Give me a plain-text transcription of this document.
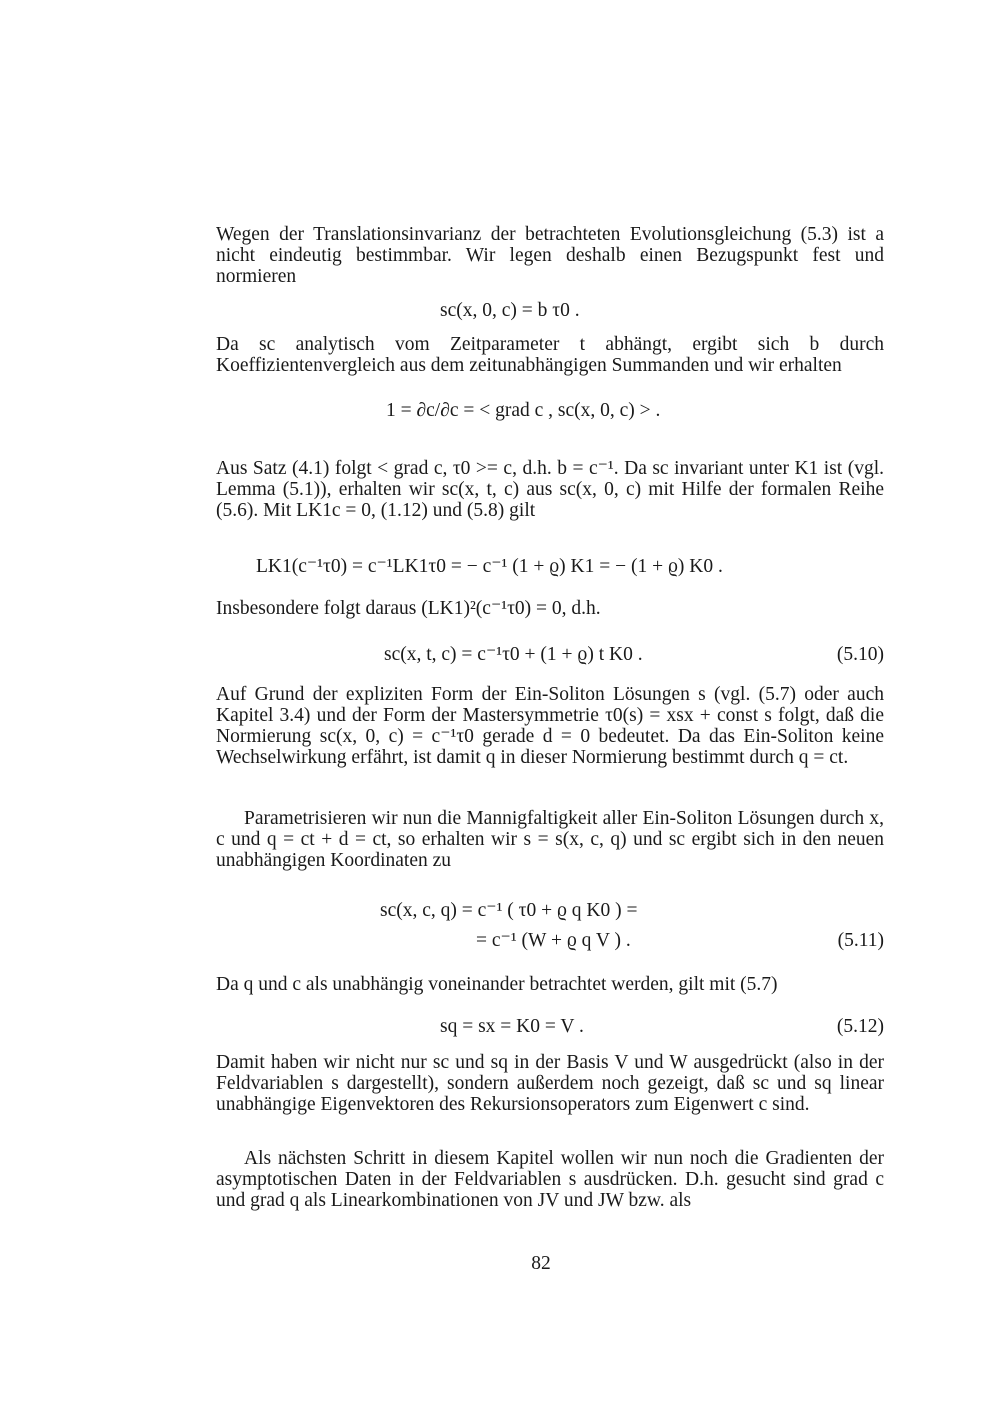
Wegen der Translationsinvarianz der betrachteten Evolutionsgleichung (5.3) ist a nicht eindeutig bestimmbar. Wir legen deshalb einen Bezugspunkt fest und normieren

sc(x, 0, c) = b τ0 .

Da sc analytisch vom Zeitparameter t abhängt, ergibt sich b durch Koeffizientenvergleich aus dem zeitunabhängigen Summanden und wir erhalten

1 = ∂c/∂c = < grad c , sc(x, 0, c) > .

Aus Satz (4.1) folgt < grad c, τ0 >= c, d.h. b = c⁻¹. Da sc invariant unter K1 ist (vgl. Lemma (5.1)), erhalten wir sc(x, t, c) aus sc(x, 0, c) mit Hilfe der formalen Reihe (5.6). Mit LK1c = 0, (1.12) und (5.8) gilt

LK1(c⁻¹τ0) = c⁻¹LK1τ0 = − c⁻¹ (1 + ϱ) K1 = − (1 + ϱ) K0 .

Insbesondere folgt daraus (LK1)²(c⁻¹τ0) = 0, d.h.

sc(x, t, c) = c⁻¹τ0 + (1 + ϱ) t K0 .	(5.10)

Auf Grund der expliziten Form der Ein-Soliton Lösungen s (vgl. (5.7) oder auch Kapitel 3.4) und der Form der Mastersymmetrie τ0(s) = xsx + const s folgt, daß die Normierung sc(x, 0, c) = c⁻¹τ0 gerade d = 0 bedeutet. Da das Ein-Soliton keine Wechselwirkung erfährt, ist damit q in dieser Normierung bestimmt durch q = ct.

Parametrisieren wir nun die Mannigfaltigkeit aller Ein-Soliton Lösungen durch x, c und q = ct + d = ct, so erhalten wir s = s(x, c, q) und sc ergibt sich in den neuen unabhängigen Koordinaten zu

sc(x, c, q) = c⁻¹ ( τ0 + ϱ q K0 ) =
= c⁻¹ (W + ϱ q V ) .	(5.11)

Da q und c als unabhängig voneinander betrachtet werden, gilt mit (5.7)

sq = sx = K0 = V .	(5.12)

Damit haben wir nicht nur sc und sq in der Basis V und W ausgedrückt (also in der Feldvariablen s dargestellt), sondern außerdem noch gezeigt, daß sc und sq linear unabhängige Eigenvektoren des Rekursionsoperators zum Eigenwert c sind.

Als nächsten Schritt in diesem Kapitel wollen wir nun noch die Gradienten der asymptotischen Daten in der Feldvariablen s ausdrücken. D.h. gesucht sind grad c und grad q als Linearkombinationen von JV und JW bzw. als

82
